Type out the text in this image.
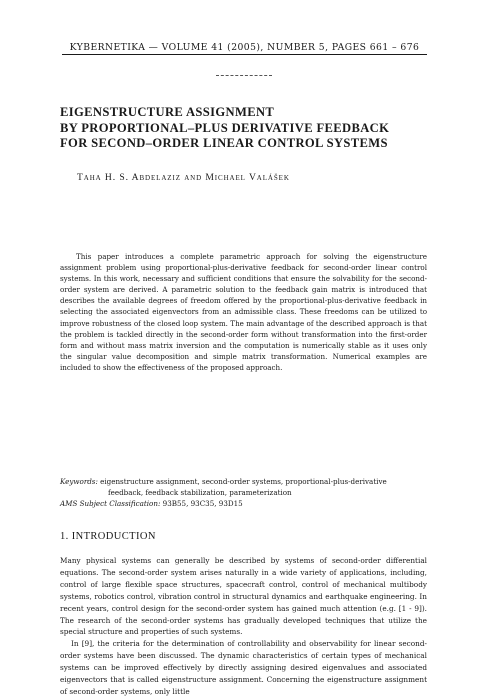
KYBERNETIKA — VOLUME 41 (2005), NUMBER 5, PAGES 661 – 676
EIGENSTRUCTURE ASSIGNMENT
BY PROPORTIONAL–PLUS DERIVATIVE FEEDBACK
FOR SECOND–ORDER LINEAR CONTROL SYSTEMS
Taha H. S. Abdelaziz and Michael Valášek

This paper introduces a complete parametric approach for solving the eigenstructure assignment problem using proportional-plus-derivative feedback for second-order linear control systems. In this work, necessary and sufficient conditions that ensure the solvability for the second-order system are derived. A parametric solution to the feedback gain matrix is introduced that describes the available degrees of freedom offered by the proportional-plus-derivative feedback in selecting the associated eigenvectors from an admissible class. These freedoms can be utilized to improve robustness of the closed loop system. The main advantage of the described approach is that the problem is tackled directly in the second-order form without transformation into the first-order form and without mass matrix inversion and the computation is numerically stable as it uses only the singular value decomposition and simple matrix transformation. Numerical examples are included to show the effectiveness of the proposed approach.

Keywords: eigenstructure assignment, second-order systems, proportional-plus-derivative
feedback, feedback stabilization, parameterization
AMS Subject Classification: 93B55, 93C35, 93D15
1. INTRODUCTION

Many physical systems can generally be described by systems of second-order differential equations. The second-order system arises naturally in a wide variety of applications, including, control of large flexible space structures, spacecraft control, control of mechanical multibody systems, robotics control, vibration control in structural dynamics and earthquake engineering. In recent years, control design for the second-order system has gained much attention (e.g. [1 - 9]). The research of the second-order systems has gradually developed techniques that utilize the special structure and properties of such systems.

In [9], the criteria for the determination of controllability and observability for linear second-order systems have been discussed. The dynamic characteristics of certain types of mechanical systems can be improved effectively by directly assigning desired eigenvalues and associated eigenvectors that is called eigenstructure assignment. Concerning the eigenstructure assignment of second-order systems, only little
